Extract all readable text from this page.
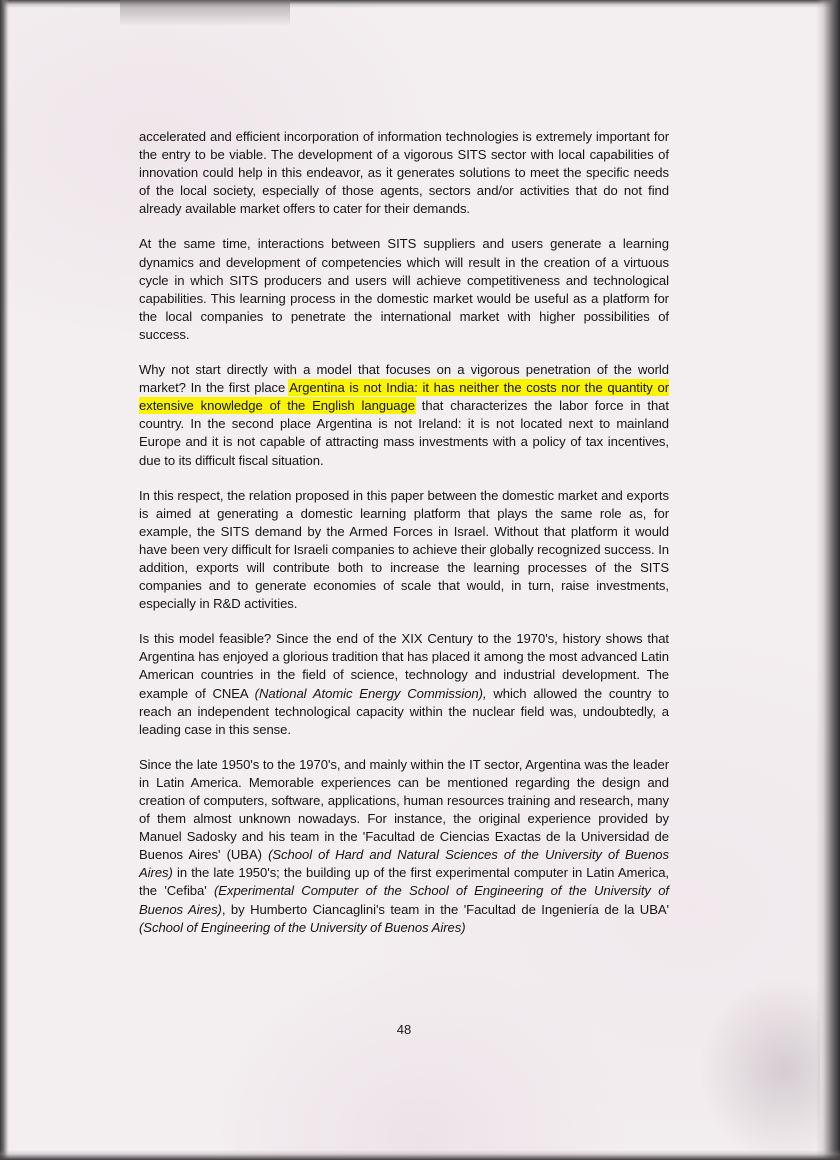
accelerated and efficient incorporation of information technologies is extremely important for the entry to be viable. The development of a vigorous SITS sector with local capabilities of innovation could help in this endeavor, as it generates solutions to meet the specific needs of the local society, especially of those agents, sectors and/or activities that do not find already available market offers to cater for their demands.

At the same time, interactions between SITS suppliers and users generate a learning dynamics and development of competencies which will result in the creation of a virtuous cycle in which SITS producers and users will achieve competitiveness and technological capabilities. This learning process in the domestic market would be useful as a platform for the local companies to penetrate the international market with higher possibilities of success.

Why not start directly with a model that focuses on a vigorous penetration of the world market? In the first place Argentina is not India: it has neither the costs nor the quantity or extensive knowledge of the English language that characterizes the labor force in that country. In the second place Argentina is not Ireland: it is not located next to mainland Europe and it is not capable of attracting mass investments with a policy of tax incentives, due to its difficult fiscal situation.

In this respect, the relation proposed in this paper between the domestic market and exports is aimed at generating a domestic learning platform that plays the same role as, for example, the SITS demand by the Armed Forces in Israel. Without that platform it would have been very difficult for Israeli companies to achieve their globally recognized success. In addition, exports will contribute both to increase the learning processes of the SITS companies and to generate economies of scale that would, in turn, raise investments, especially in R&D activities.

Is this model feasible? Since the end of the XIX Century to the 1970's, history shows that Argentina has enjoyed a glorious tradition that has placed it among the most advanced Latin American countries in the field of science, technology and industrial development. The example of CNEA (National Atomic Energy Commission), which allowed the country to reach an independent technological capacity within the nuclear field was, undoubtedly, a leading case in this sense.

Since the late 1950's to the 1970's, and mainly within the IT sector, Argentina was the leader in Latin America. Memorable experiences can be mentioned regarding the design and creation of computers, software, applications, human resources training and research, many of them almost unknown nowadays. For instance, the original experience provided by Manuel Sadosky and his team in the 'Facultad de Ciencias Exactas de la Universidad de Buenos Aires' (UBA) (School of Hard and Natural Sciences of the University of Buenos Aires) in the late 1950's; the building up of the first experimental computer in Latin America, the 'Cefiba' (Experimental Computer of the School of Engineering of the University of Buenos Aires), by Humberto Ciancaglini's team in the 'Facultad de Ingeniería de la UBA' (School of Engineering of the University of Buenos Aires)

48
